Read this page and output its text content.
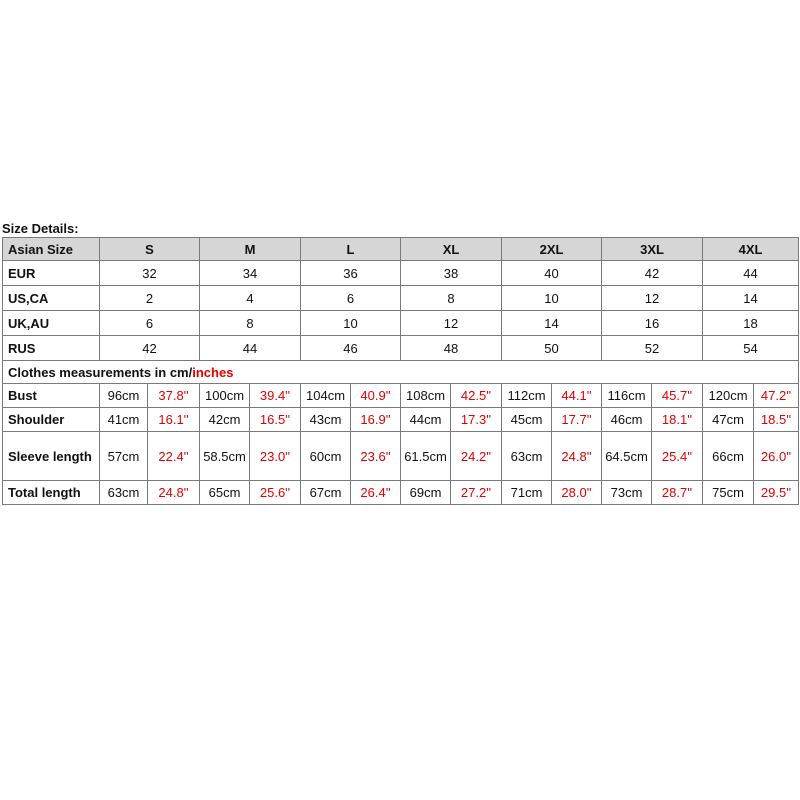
Size Details:
Asian Size	S		M		L		XL		2XL		3XL		4XL	
EUR	32		34		36		38		40		42		44	
US,CA	2		4		6		8		10		12		14	
UK,AU	6		8		10		12		14		16		18	
RUS	42		44		46		48		50		52		54	
Clothes measurements in cm/inches														
Bust	96cm	37.8''	100cm	39.4''	104cm	40.9''	108cm	42.5''	112cm	44.1''	116cm	45.7''	120cm	47.2''
Shoulder	41cm	16.1''	42cm	16.5''	43cm	16.9''	44cm	17.3''	45cm	17.7''	46cm	18.1''	47cm	18.5''
Sleeve length	57cm	22.4''	58.5cm	23.0''	60cm	23.6''	61.5cm	24.2''	63cm	24.8''	64.5cm	25.4''	66cm	26.0''
Total length	63cm	24.8''	65cm	25.6''	67cm	26.4''	69cm	27.2''	71cm	28.0''	73cm	28.7''	75cm	29.5''
